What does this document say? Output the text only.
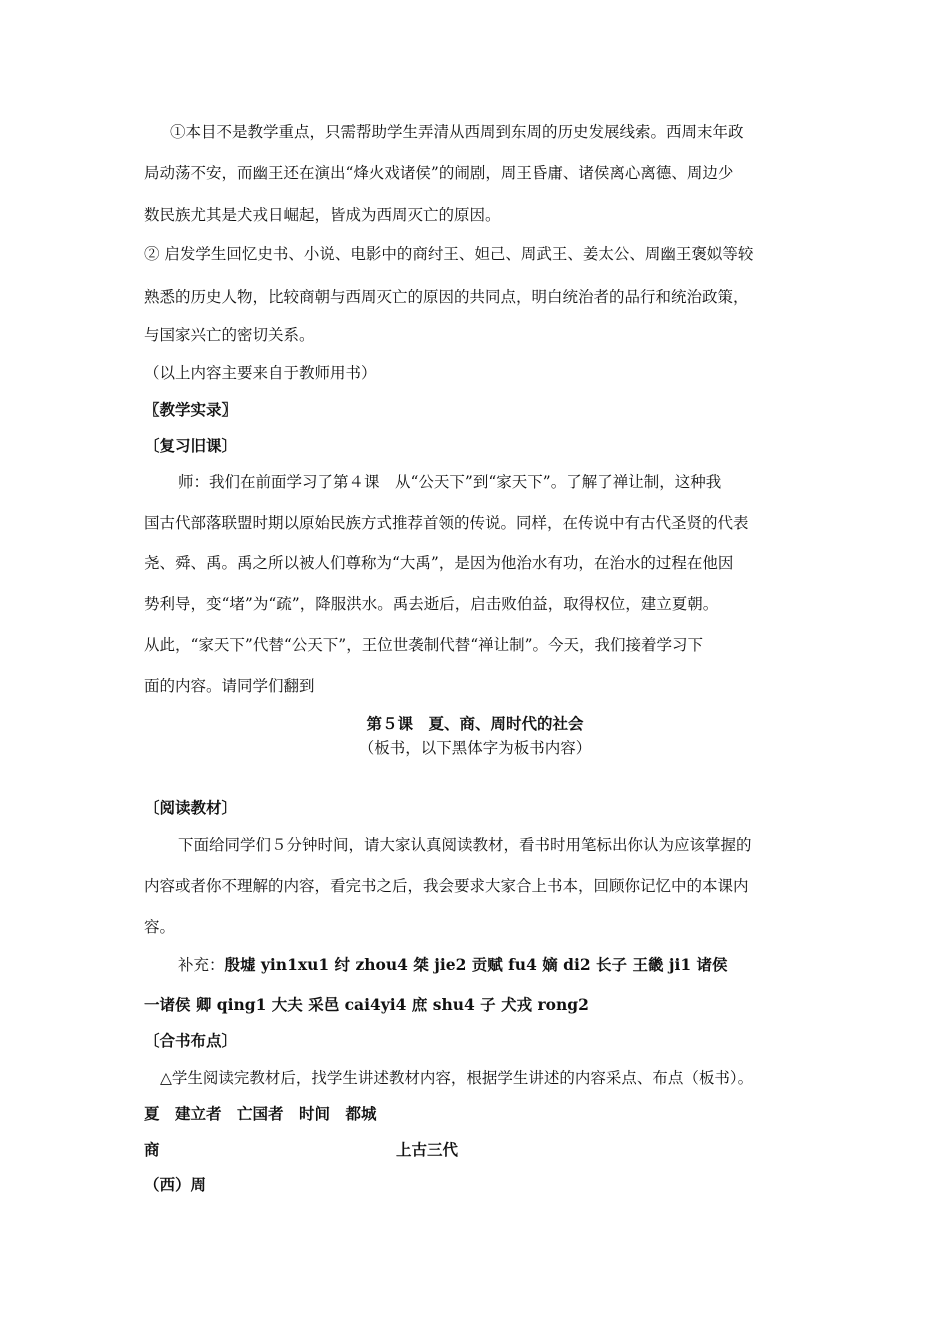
①本目不是教学重点，只需帮助学生弄清从西周到东周的历史发展线索。西周末年政
局动荡不安，而幽王还在演出“烽火戏诸侯”的闹剧，周王昏庸、诸侯离心离德、周边少
数民族尤其是犬戎日崛起，皆成为西周灭亡的原因。
② 启发学生回忆史书、小说、电影中的商纣王、妲己、周武王、姜太公、周幽王褒姒等较
熟悉的历史人物，比较商朝与西周灭亡的原因的共同点，明白统治者的品行和统治政策，
与国家兴亡的密切关系。
（以上内容主要来自于教师用书）
〖教学实录〗
〔复习旧课〕
师：我们在前面学习了第４课　从“公天下”到“家天下”。了解了禅让制，这种我
国古代部落联盟时期以原始民族方式推荐首领的传说。同样，在传说中有古代圣贤的代表
尧、舜、禹。禹之所以被人们尊称为“大禹”，是因为他治水有功，在治水的过程在他因
势利导，变“堵”为“疏”，降服洪水。禹去逝后，启击败伯益，取得权位，建立夏朝。
从此，“家天下”代替“公天下”，王位世袭制代替“禅让制”。今天，我们接着学习下
面的内容。请同学们翻到
第５课　夏、商、周时代的社会
（板书，以下黑体字为板书内容）
〔阅读教材〕
下面给同学们５分钟时间，请大家认真阅读教材，看书时用笔标出你认为应该掌握的
内容或者你不理解的内容，看完书之后，我会要求大家合上书本，回顾你记忆中的本课内
容。
补充：殷墟 yin1xu1 纣 zhou4 桀 jie2 贡赋 fu4 嫡 di2 长子 王畿 ji1 诸侯
一诸侯 卿 qing1 大夫 采邑 cai4yi4 庶 shu4 子 犬戎 rong2
〔合书布点〕
△学生阅读完教材后，找学生讲述教材内容，根据学生讲述的内容采点、布点（板书）。
夏　建立者　亡国者　时间　都城
商	上古三代
（西）周
